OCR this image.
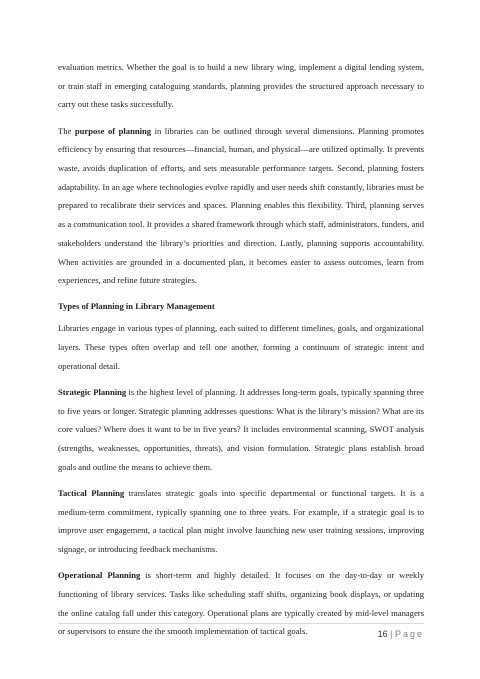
evaluation metrics. Whether the goal is to build a new library wing, implement a digital lending system, or train staff in emerging cataloguing standards, planning provides the structured approach necessary to carry out these tasks successfully.

The purpose of planning in libraries can be outlined through several dimensions. Planning promotes efficiency by ensuring that resources—financial, human, and physical—are utilized optimally. It prevents waste, avoids duplication of efforts, and sets measurable performance targets. Second, planning fosters adaptability. In an age where technologies evolve rapidly and user needs shift constantly, libraries must be prepared to recalibrate their services and spaces. Planning enables this flexibility. Third, planning serves as a communication tool. It provides a shared framework through which staff, administrators, funders, and stakeholders understand the library’s priorities and direction. Lastly, planning supports accountability. When activities are grounded in a documented plan, it becomes easier to assess outcomes, learn from experiences, and refine future strategies.

Types of Planning in Library Management

Libraries engage in various types of planning, each suited to different timelines, goals, and organizational layers. These types often overlap and tell one another, forming a continuum of strategic intent and operational detail.

Strategic Planning is the highest level of planning. It addresses long-term goals, typically spanning three to five years or longer. Strategic planning addresses questions: What is the library’s mission? What are its core values? Where does it want to be in five years? It includes environmental scanning, SWOT analysis (strengths, weaknesses, opportunities, threats), and vision formulation. Strategic plans establish broad goals and outline the means to achieve them.

Tactical Planning translates strategic goals into specific departmental or functional targets. It is a medium-term commitment, typically spanning one to three years. For example, if a strategic goal is to improve user engagement, a tactical plan might involve launching new user training sessions, improving signage, or introducing feedback mechanisms.

Operational Planning is short-term and highly detailed. It focuses on the day-to-day or weekly functioning of library services. Tasks like scheduling staff shifts, organizing book displays, or updating the online catalog fall under this category. Operational plans are typically created by mid-level managers or supervisors to ensure the the smooth implementation of tactical goals.	16 | Page
